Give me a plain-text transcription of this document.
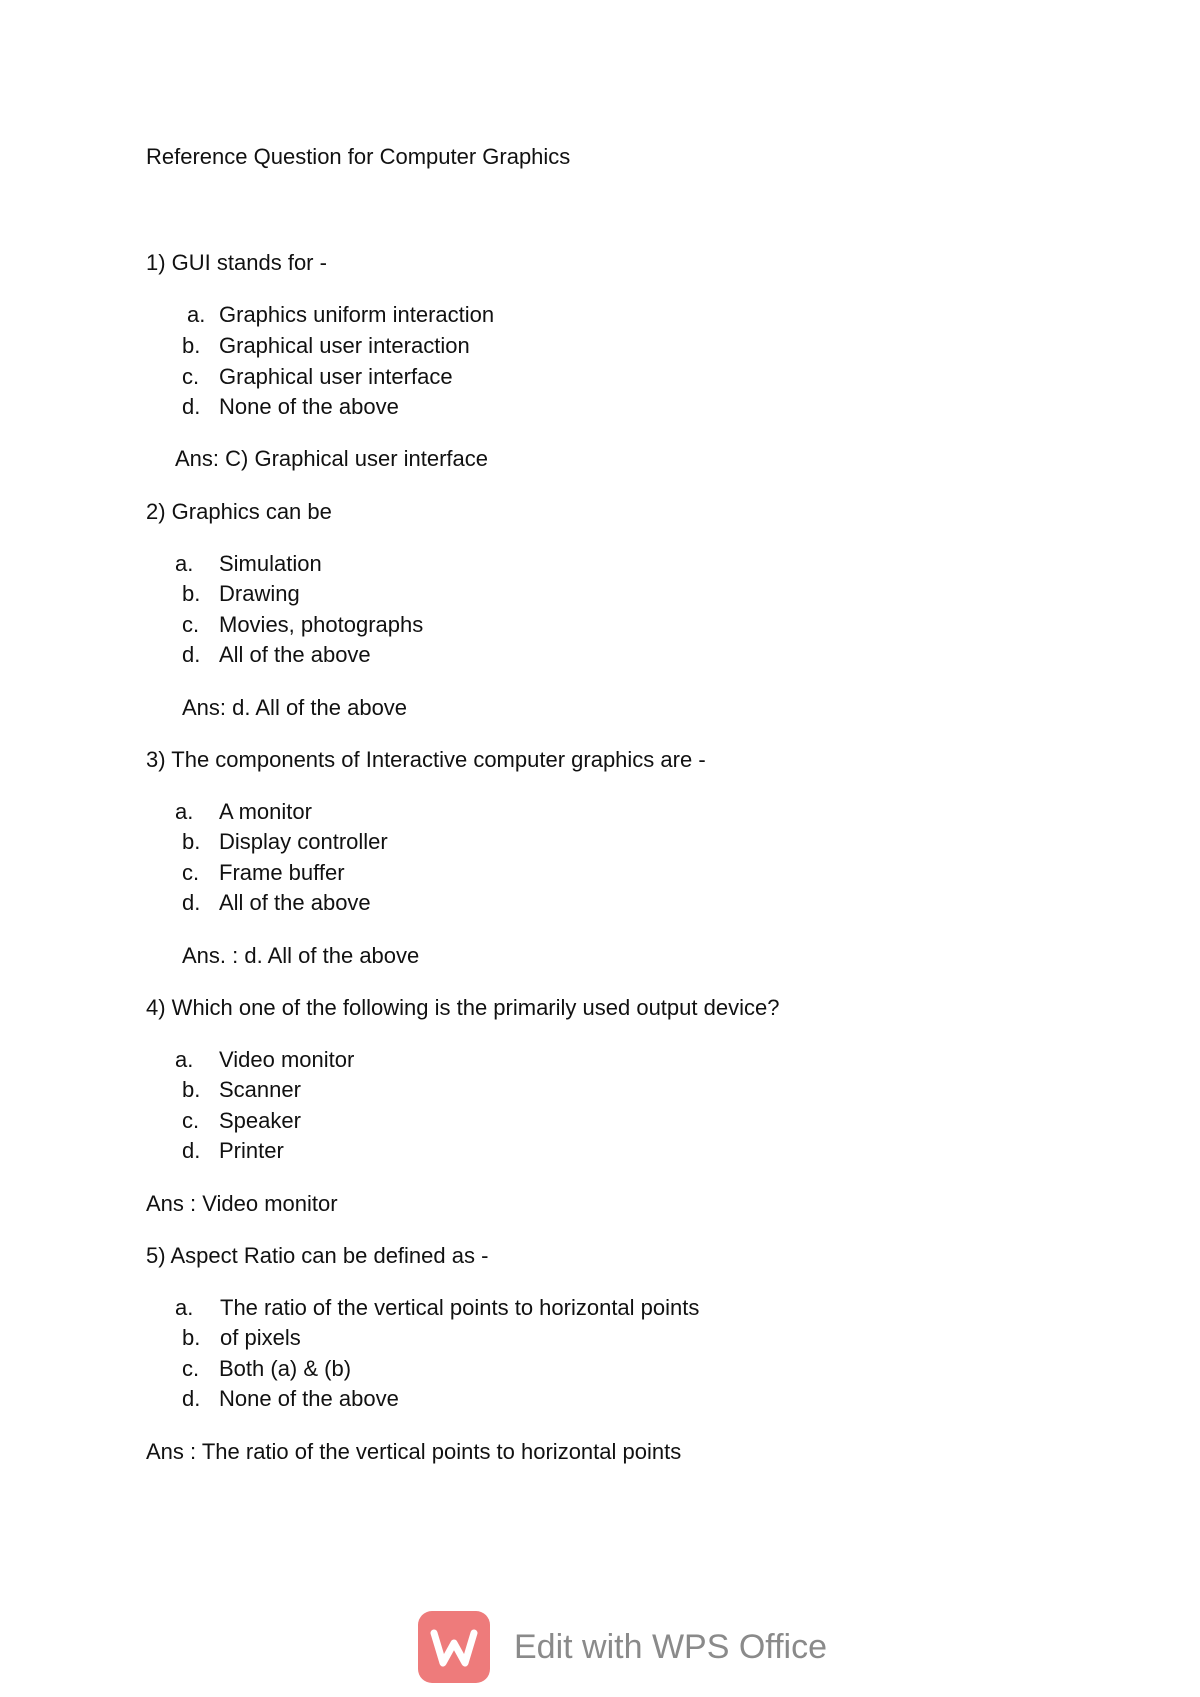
Reference Question for Computer Graphics
1) GUI stands for -
a. Graphics uniform interaction
b. Graphical user interaction
c. Graphical user interface
d. None of the above
Ans: C) Graphical user interface
2) Graphics can be
a. Simulation
b. Drawing
c. Movies, photographs
d. All of the above
Ans: d. All of the above
3) The components of Interactive computer graphics are -
a. A monitor
b. Display controller
c. Frame buffer
d. All of the above
Ans. : d. All of the above
4) Which one of the following is the primarily used output device?
a. Video monitor
b. Scanner
c. Speaker
d. Printer
Ans : Video monitor
5) Aspect Ratio can be defined as -
a. The ratio of the vertical points to horizontal points
b. of pixels
c. Both (a) & (b)
d. None of the above
Ans : The ratio of the vertical points to horizontal points
Edit with WPS Office
